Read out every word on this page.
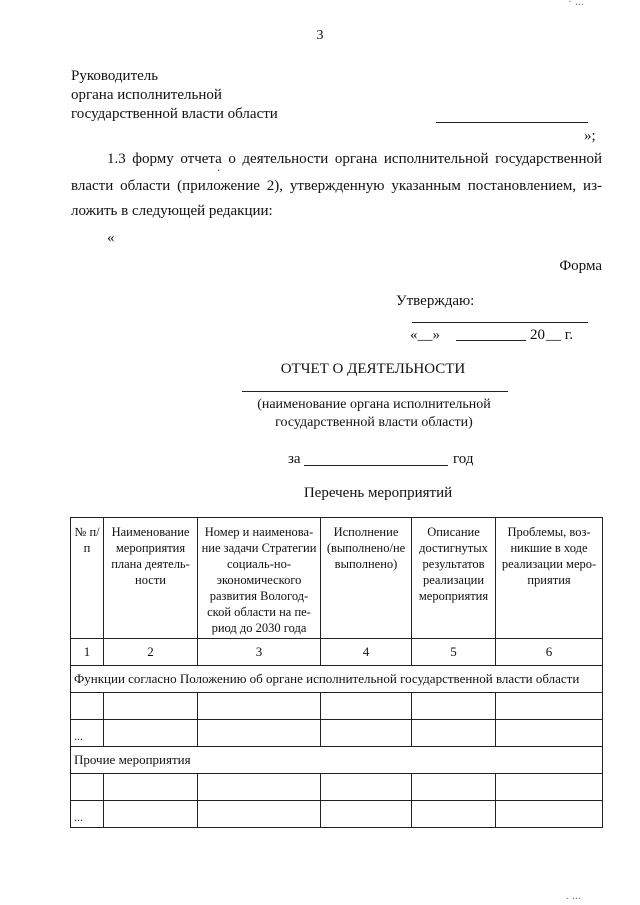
3
· ...
Руководитель
органа исполнительной
государственной власти области
»;
1.3 форму отчета о деятельности органа исполнительной государственной
власти области (приложение 2), утвержденную указанным постановлением, из-
ложить в следующей редакции:
·
«
Форма
Утверждаю:
«__»	20 __ г.
ОТЧЕТ О ДЕЯТЕЛЬНОСТИ
(наименование органа исполнительной
государственной власти области)
за	год
Перечень мероприятий
№ п/п	Наименование мероприятия плана деятель-ности	Номер и наименова-ние задачи Стратегии социаль-но-экономического развития Вологод-ской области на пе-риод до 2030 года	Исполнение (выполнено/не выполнено)	Описание достигнутых результатов реализации мероприятия	Проблемы, воз-никшие в ходе реализации меро-приятия
1	2	3	4	5	6
Функции согласно Положению об органе исполнительной государственной власти области					

...					
Прочие мероприятия					

...					
. ...
